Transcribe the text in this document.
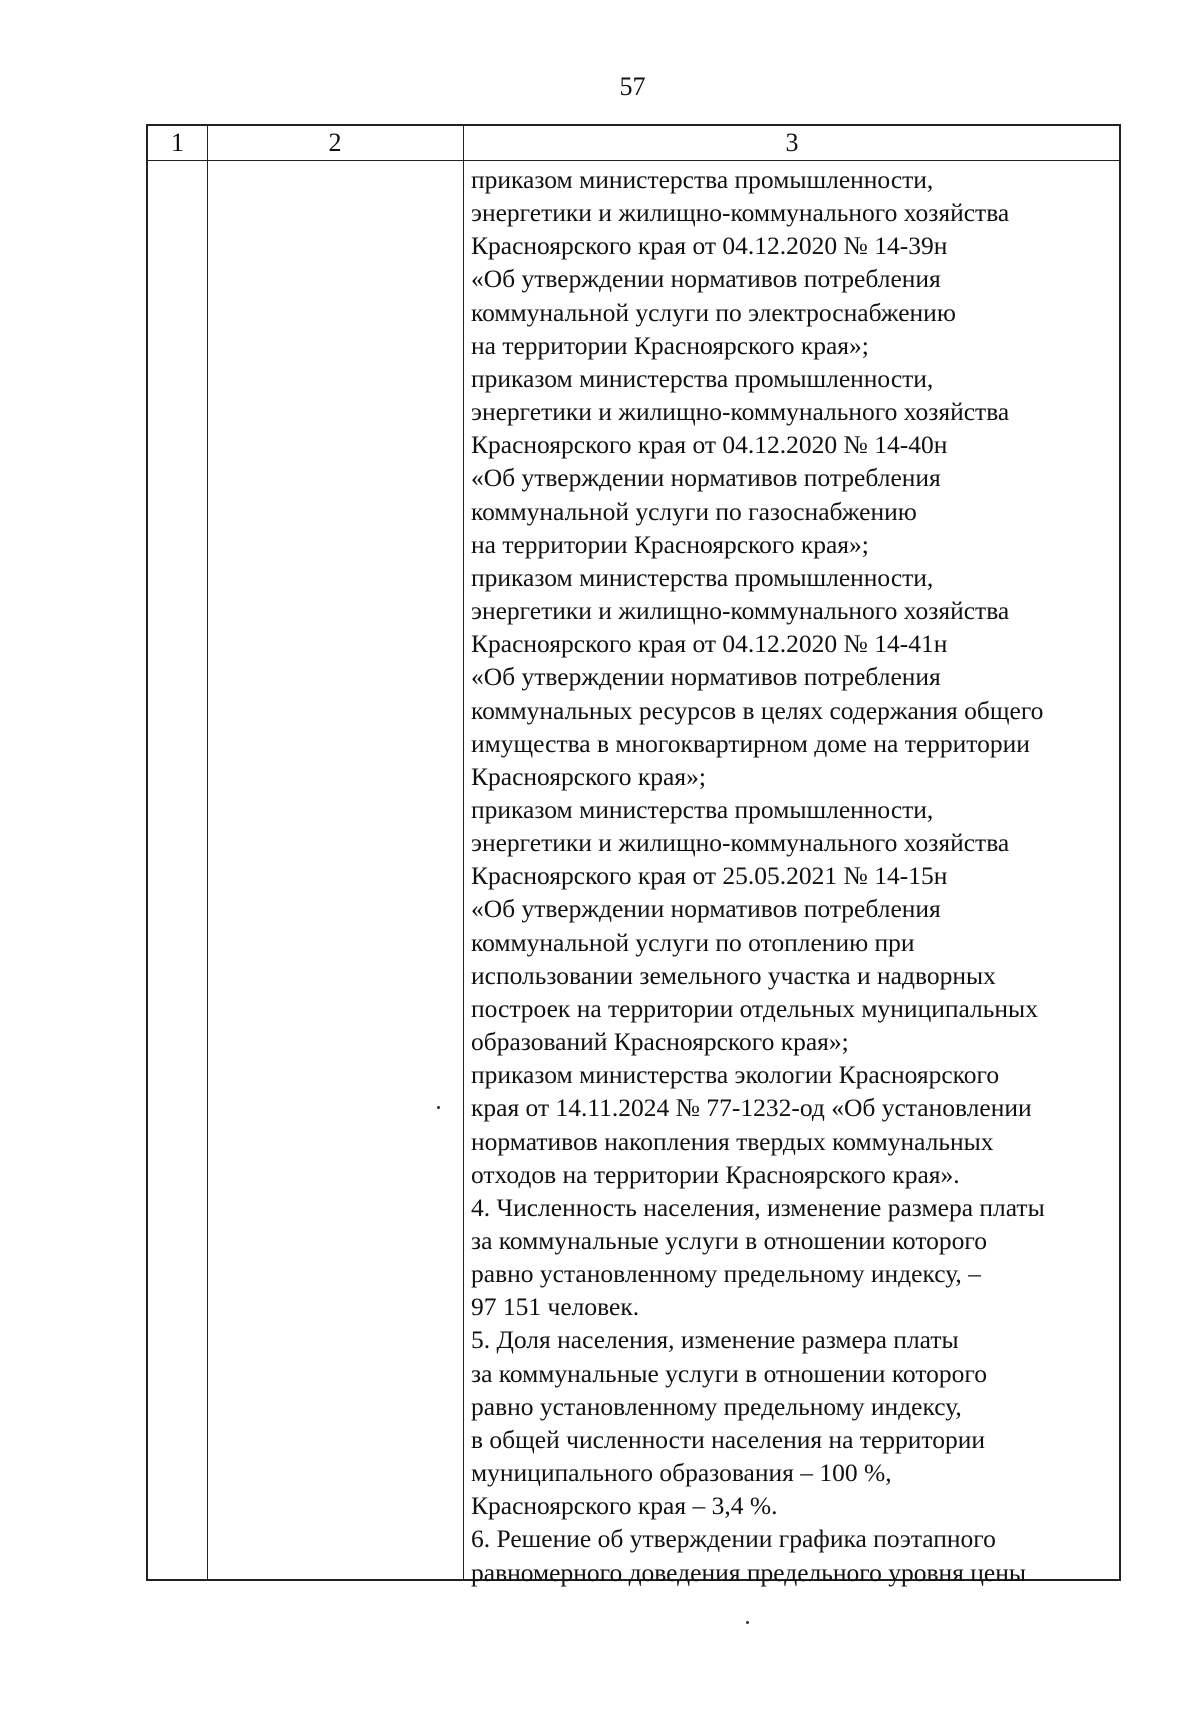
57
1	2	3
приказом министерства промышленности,
энергетики и жилищно-коммунального хозяйства
Красноярского края от 04.12.2020 № 14-39н
«Об утверждении нормативов потребления
коммунальной услуги по электроснабжению
на территории Красноярского края»;
приказом министерства промышленности,
энергетики и жилищно-коммунального хозяйства
Красноярского края от 04.12.2020 № 14-40н
«Об утверждении нормативов потребления
коммунальной услуги по газоснабжению
на территории Красноярского края»;
приказом министерства промышленности,
энергетики и жилищно-коммунального хозяйства
Красноярского края от 04.12.2020 № 14-41н
«Об утверждении нормативов потребления
коммунальных ресурсов в целях содержания общего
имущества в многоквартирном доме на территории
Красноярского края»;
приказом министерства промышленности,
энергетики и жилищно-коммунального хозяйства
Красноярского края от 25.05.2021 № 14-15н
«Об утверждении нормативов потребления
коммунальной услуги по отоплению при
использовании земельного участка и надворных
построек на территории отдельных муниципальных
образований Красноярского края»;
приказом министерства экологии Красноярского
края от 14.11.2024 № 77-1232-од «Об установлении
нормативов накопления твердых коммунальных
отходов на территории Красноярского края».
4. Численность населения, изменение размера платы
за коммунальные услуги в отношении которого
равно установленному предельному индексу, –
97 151 человек.
5. Доля населения, изменение размера платы
за коммунальные услуги в отношении которого
равно установленному предельному индексу,
в общей численности населения на территории
муниципального образования – 100 %,
Красноярского края – 3,4 %.
6. Решение об утверждении графика поэтапного
равномерного доведения предельного уровня цены
